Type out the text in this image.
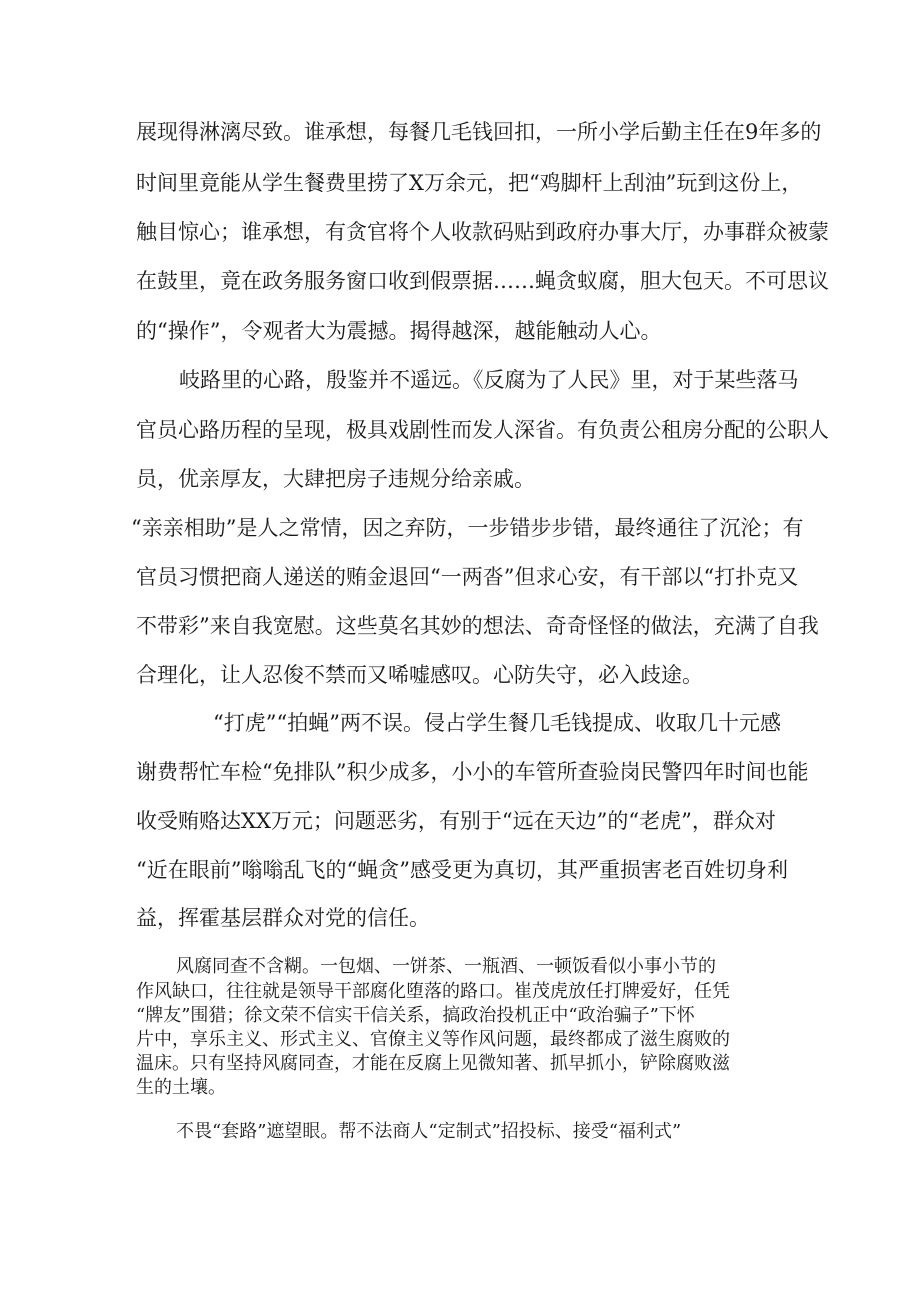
展现得淋漓尽致。谁承想，每餐几毛钱回扣，一所小学后勤主任在9年多的
时间里竟能从学生餐费里捞了X万余元，把“鸡脚杆上刮油”玩到这份上，
触目惊心；谁承想，有贪官将个人收款码贴到政府办事大厅，办事群众被蒙
在鼓里，竟在政务服务窗口收到假票据……蝇贪蚁腐，胆大包天。不可思议
的“操作”，令观者大为震撼。揭得越深，越能触动人心。
岐路里的心路，殷鉴并不遥远。《反腐为了人民》里，对于某些落马
官员心路历程的呈现，极具戏剧性而发人深省。有负责公租房分配的公职人
员，优亲厚友，大肆把房子违规分给亲戚。
“亲亲相助”是人之常情，因之弃防，一步错步步错，最终通往了沉沦；有
官员习惯把商人递送的贿金退回“一两沓”但求心安，有干部以“打扑克又
不带彩”来自我宽慰。这些莫名其妙的想法、奇奇怪怪的做法，充满了自我
合理化，让人忍俊不禁而又唏嘘感叹。心防失守，必入歧途。
“打虎”“拍蝇”两不误。侵占学生餐几毛钱提成、收取几十元感
谢费帮忙车检“免排队”积少成多，小小的车管所查验岗民警四年时间也能
收受贿赂达XX万元；问题恶劣，有别于“远在天边”的“老虎”，群众对
“近在眼前”嗡嗡乱飞的“蝇贪”感受更为真切，其严重损害老百姓切身利
益，挥霍基层群众对党的信任。
风腐同查不含糊。一包烟、一饼茶、一瓶酒、一顿饭看似小事小节的
作风缺口，往往就是领导干部腐化堕落的路口。崔茂虎放任打牌爱好，任凭
“牌友”围猎；徐文荣不信实干信关系，搞政治投机正中“政治骗子”下怀
片中，享乐主义、形式主义、官僚主义等作风问题，最终都成了滋生腐败的
温床。只有坚持风腐同查，才能在反腐上见微知著、抓早抓小，铲除腐败滋
生的土壤。
不畏“套路”遮望眼。帮不法商人“定制式”招投标、接受“福利式”
